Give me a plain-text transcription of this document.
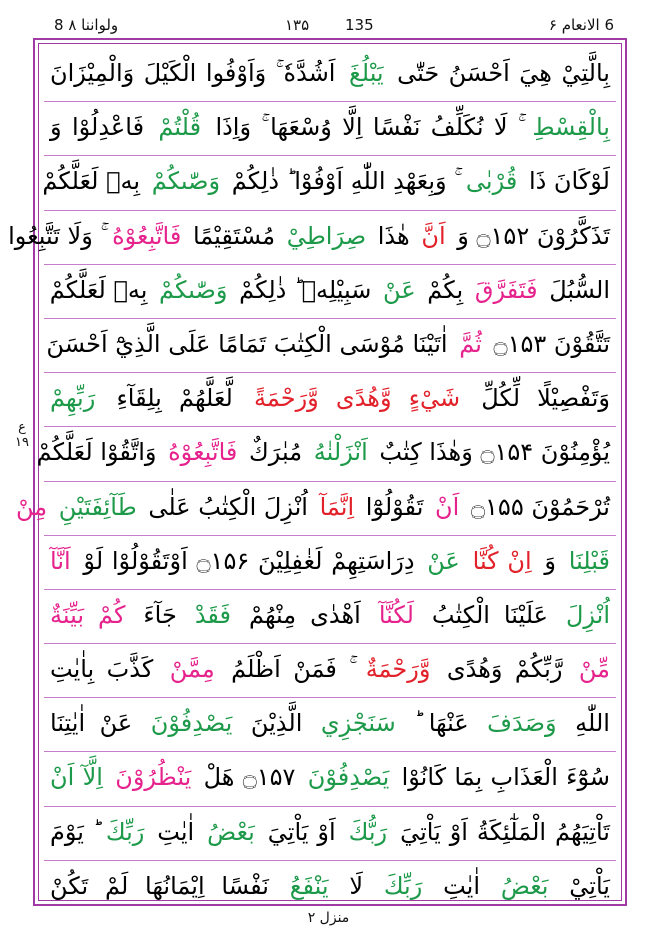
8 ولواننا ۸	۱۳۵ 135	6 الانعام ۶
ع ۱۹
بِالَّتِيْ هِيَ اَحْسَنُ حَتّٰى يَبْلُغَ اَشُدَّهٗ ۚ وَاَوْفُوا الْكَيْلَ وَالْمِيْزَانَ
بِالْقِسْطِ ۚ لَا نُكَلِّفُ نَفْسًا اِلَّا وُسْعَهَا ۚ وَاِذَا قُلْتُمْ فَاعْدِلُوْا وَ
لَوْكَانَ ذَا قُرْبٰى ۚ وَبِعَهْدِ اللّٰهِ اَوْفُوْا ؕ ذٰلِكُمْ وَصّٰىكُمْ بِهٖ لَعَلَّكُمْ
تَذَكَّرُوْنَ ۝۱۵۲ وَ اَنَّ هٰذَا صِرَاطِيْ مُسْتَقِيْمًا فَاتَّبِعُوْهُ ۚ وَلَا تَتَّبِعُوا
السُّبُلَ فَتَفَرَّقَ بِكُمْ عَنْ سَبِيْلِهٖ ؕ ذٰلِكُمْ وَصّٰىكُمْ بِهٖ لَعَلَّكُمْ
تَتَّقُوْنَ ۝۱۵۳ ثُمَّ اٰتَيْنَا مُوْسَى الْكِتٰبَ تَمَامًا عَلَى الَّذِيْٓ اَحْسَنَ
وَتَفْصِيْلًا لِّكُلِّ شَيْءٍ وَّهُدًى وَّرَحْمَةً لَّعَلَّهُمْ بِلِقَآءِ رَبِّهِمْ
يُؤْمِنُوْنَ ۝۱۵۴ وَهٰذَا كِتٰبٌ اَنْزَلْنٰهُ مُبٰرَكٌ فَاتَّبِعُوْهُ وَاتَّقُوْا لَعَلَّكُمْ
تُرْحَمُوْنَ ۝۱۵۵ اَنْ تَقُوْلُوْٓا اِنَّمَآ اُنْزِلَ الْكِتٰبُ عَلٰى طَآئِفَتَيْنِ مِنْ
قَبْلِنَا وَ اِنْ كُنَّا عَنْ دِرَاسَتِهِمْ لَغٰفِلِيْنَ ۝۱۵۶ اَوْتَقُوْلُوْا لَوْ اَنَّآ
اُنْزِلَ عَلَيْنَا الْكِتٰبُ لَكُنَّآ اَهْدٰى مِنْهُمْ فَقَدْ جَآءَ كُمْ بَيِّنَةٌ
مِّنْ رَّبِّكُمْ وَهُدًى وَّرَحْمَةٌ ۚ فَمَنْ اَظْلَمُ مِمَّنْ كَذَّبَ بِاٰيٰتِ
اللّٰهِ وَصَدَفَ عَنْهَا ؕ سَنَجْزِي الَّذِيْنَ يَصْدِفُوْنَ عَنْ اٰيٰتِنَا
سُوْٓءَ الْعَذَابِ بِمَا كَانُوْا يَصْدِفُوْنَ ۝۱۵۷ هَلْ يَنْظُرُوْنَ اِلَّآ اَنْ
تَاْتِيَهُمُ الْمَلٰٓئِكَةُ اَوْ يَاْتِيَ رَبُّكَ اَوْ يَاْتِيَ بَعْضُ اٰيٰتِ رَبِّكَ ؕ يَوْمَ
يَاْتِيْ بَعْضُ اٰيٰتِ رَبِّكَ لَا يَنْفَعُ نَفْسًا اِيْمَانُهَا لَمْ تَكُنْ
منزل ۲
